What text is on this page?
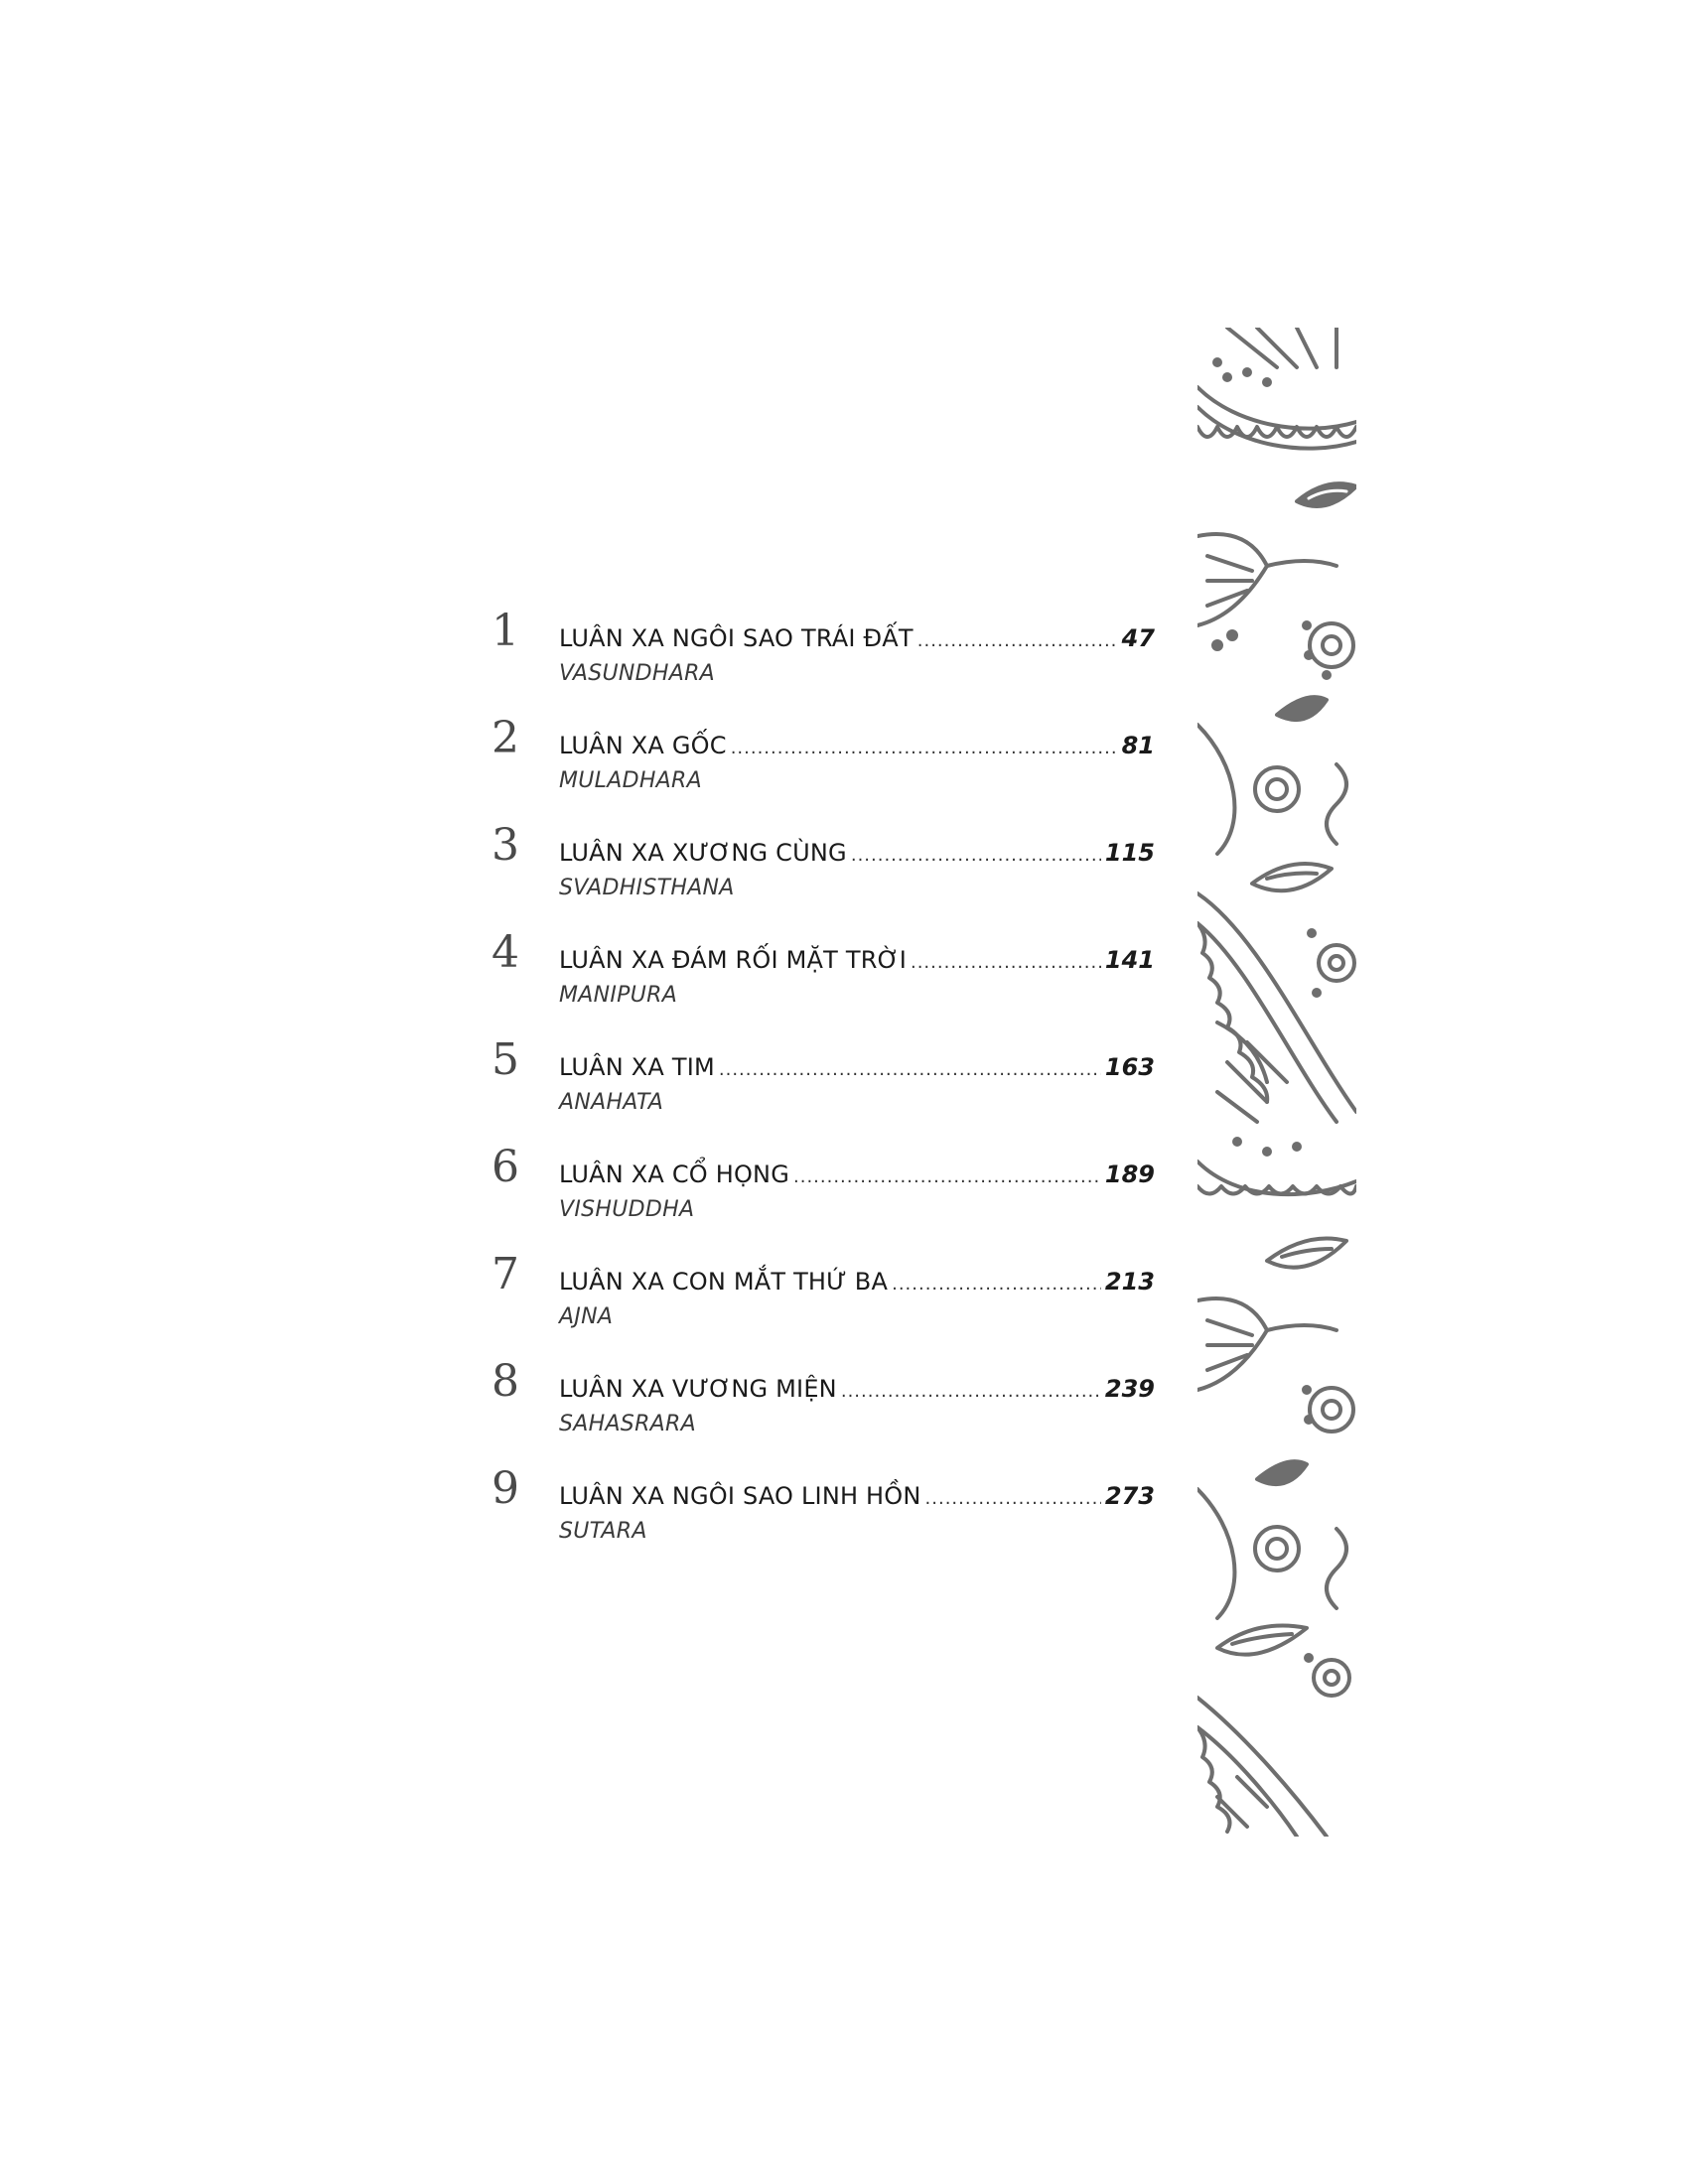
1	LUÂN XA NGÔI SAO TRÁI ĐẤT .....	47
VASUNDHARA
2	LUÂN XA GỐC .....	81
MULADHARA
3	LUÂN XA XƯƠNG CÙNG .....	115
SVADHISTHANA
4	LUÂN XA ĐÁM RỐI MẶT TRỜI .....	141
MANIPURA
5	LUÂN XA TIM .....	163
ANAHATA
6	LUÂN XA CỔ HỌNG .....	189
VISHUDDHA
7	LUÂN XA CON MẮT THỨ BA .....	213
AJNA
8	LUÂN XA VƯƠNG MIỆN .....	239
SAHASRARA
9	LUÂN XA NGÔI SAO LINH HỒN .....	273
SUTARA
